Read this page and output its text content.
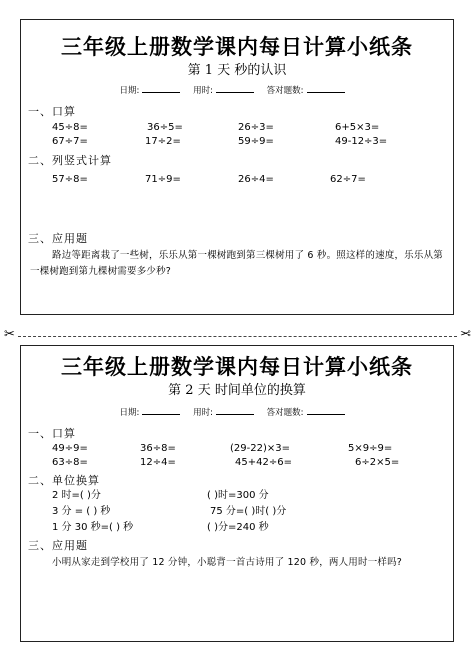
三年级上册数学课内每日计算小纸条
第 1 天 秒的认识
日期:	用时:	答对题数:
一、口算
45÷8=	36÷5=	26÷3=	6+5×3=
67÷7=	17÷2=	59÷9=	49-12÷3=
二、列竖式计算
57÷8=	71÷9=	26÷4=	62÷7=
三、应用题
路边等距离栽了一些树，乐乐从第一棵树跑到第三棵树用了 6 秒。照这样的速度，乐乐从第一棵树跑到第九棵树需要多少秒?
✂	✂
三年级上册数学课内每日计算小纸条
第 2 天 时间单位的换算
日期:	用时:	答对题数:
一、口算
49÷9=	36÷8=	(29-22)×3=	5×9÷9=
63÷8=	12÷4=	45+42÷6=	6÷2×5=
二、单位换算
2 时=( )分	( )时=300 分
3 分 = ( ) 秒	75 分=( )时( )分
1 分 30 秒=( ) 秒	( )分=240 秒
三、应用题
小明从家走到学校用了 12 分钟，小聪背一首古诗用了 120 秒，两人用时一样吗?
